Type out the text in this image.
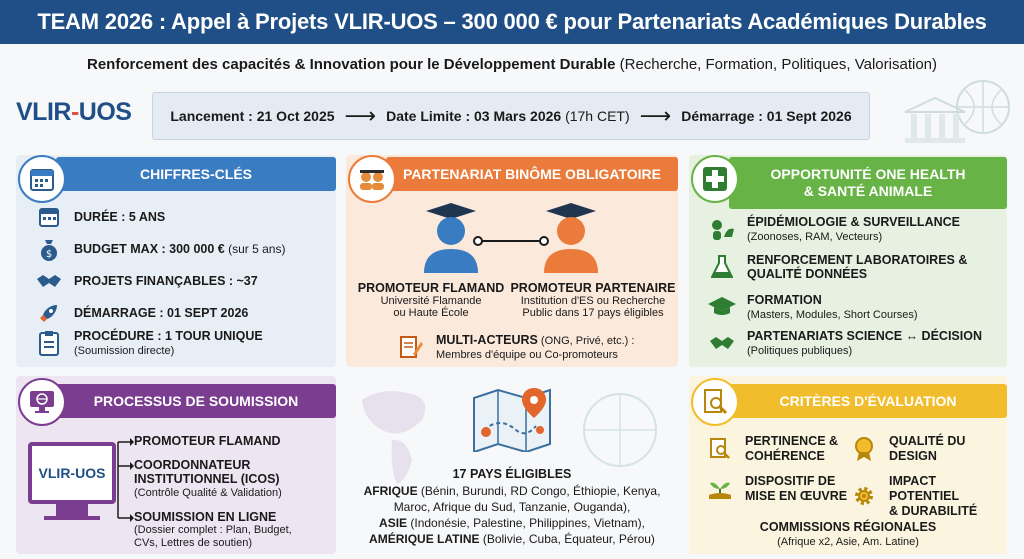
TEAM 2026 : Appel à Projets VLIR-UOS – 300 000 € pour Partenariats Académiques Durables
Renforcement des capacités & Innovation pour le Développement Durable (Recherche, Formation, Politiques, Valorisation)
VLIR-UOS	Lancement : 21 Oct 2025 ⟶ Date Limite : 03 Mars 2026 (17h CET) ⟶ Démarrage : 01 Sept 2026
CHIFFRES-CLÉS
DURÉE : 5 ANS
$ BUDGET MAX : 300 000 € (sur 5 ans)
PROJETS FINANÇABLES : ~37
DÉMARRAGE : 01 SEPT 2026
PROCÉDURE : 1 TOUR UNIQUE
(Soumission directe)
PARTENARIAT BINÔME OBLIGATOIRE
PROMOTEUR FLAMAND
Université Flamande
ou Haute École
PROMOTEUR PARTENAIRE
Institution d'ES ou Recherche
Public dans 17 pays éligibles
MULTI-ACTEURS (ONG, Privé, etc.) :
Membres d'équipe ou Co-promoteurs
OPPORTUNITÉ ONE HEALTH
& SANTÉ ANIMALE
ÉPIDÉMIOLOGIE & SURVEILLANCE
(Zoonoses, RAM, Vecteurs)
RENFORCEMENT LABORATOIRES &
QUALITÉ DONNÉES
FORMATION
(Masters, Modules, Short Courses)
PARTENARIATS SCIENCE ↔ DÉCISION
(Politiques publiques)
PROCESSUS DE SOUMISSION
VLIR-UOS
PROMOTEUR FLAMAND
COORDONNATEUR
INSTITUTIONNEL (ICOS)
(Contrôle Qualité & Validation)
SOUMISSION EN LIGNE
(Dossier complet : Plan, Budget,
CVs, Lettres de soutien)
17 PAYS ÉLIGIBLES
AFRIQUE (Bénin, Burundi, RD Congo, Éthiopie, Kenya,
Maroc, Afrique du Sud, Tanzanie, Ouganda),
ASIE (Indonésie, Palestine, Philippines, Vietnam),
AMÉRIQUE LATINE (Bolivie, Cuba, Équateur, Pérou)
CRITÈRES D'ÉVALUATION
PERTINENCE &
COHÉRENCE
QUALITÉ DU
DESIGN
DISPOSITIF DE
MISE EN ŒUVRE
IMPACT POTENTIEL
& DURABILITÉ
COMMISSIONS RÉGIONALES
(Afrique x2, Asie, Am. Latine)
